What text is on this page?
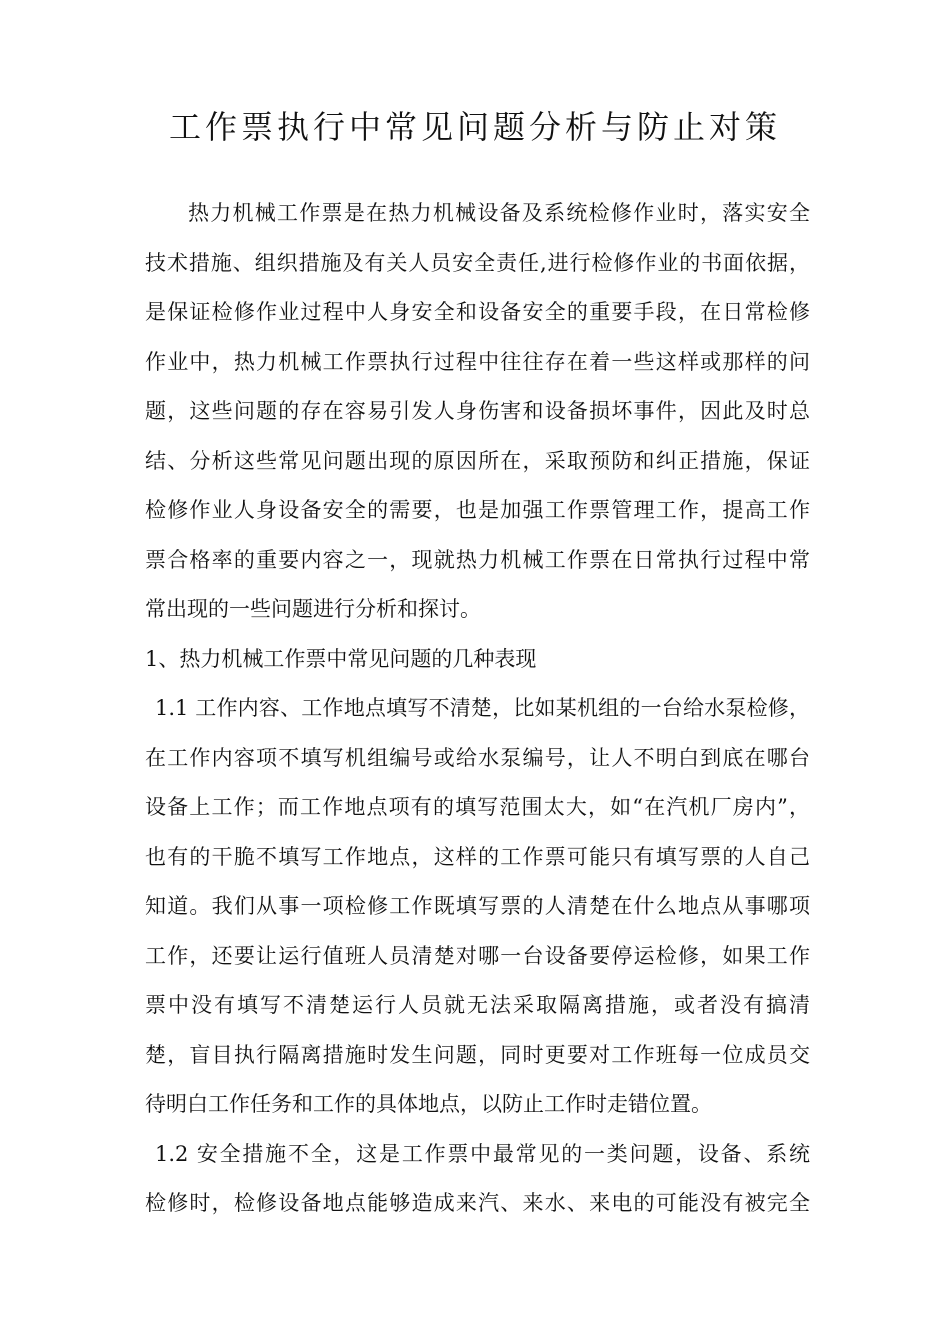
工作票执行中常见问题分析与防止对策
热力机械工作票是在热力机械设备及系统检修作业时，落实安全
技术措施、组织措施及有关人员安全责任,进行检修作业的书面依据，
是保证检修作业过程中人身安全和设备安全的重要手段，在日常检修
作业中，热力机械工作票执行过程中往往存在着一些这样或那样的问
题，这些问题的存在容易引发人身伤害和设备损坏事件，因此及时总
结、分析这些常见问题出现的原因所在，采取预防和纠正措施，保证
检修作业人身设备安全的需要，也是加强工作票管理工作，提高工作
票合格率的重要内容之一，现就热力机械工作票在日常执行过程中常
常出现的一些问题进行分析和探讨。
1、热力机械工作票中常见问题的几种表现
1.1 工作内容、工作地点填写不清楚，比如某机组的一台给水泵检修，
在工作内容项不填写机组编号或给水泵编号，让人不明白到底在哪台
设备上工作；而工作地点项有的填写范围太大，如“在汽机厂房内”，
也有的干脆不填写工作地点，这样的工作票可能只有填写票的人自己
知道。我们从事一项检修工作既填写票的人清楚在什么地点从事哪项
工作，还要让运行值班人员清楚对哪一台设备要停运检修，如果工作
票中没有填写不清楚运行人员就无法采取隔离措施，或者没有搞清
楚，盲目执行隔离措施时发生问题，同时更要对工作班每一位成员交
待明白工作任务和工作的具体地点，以防止工作时走错位置。
1.2 安全措施不全，这是工作票中最常见的一类问题，设备、系统
检修时，检修设备地点能够造成来汽、来水、来电的可能没有被完全
